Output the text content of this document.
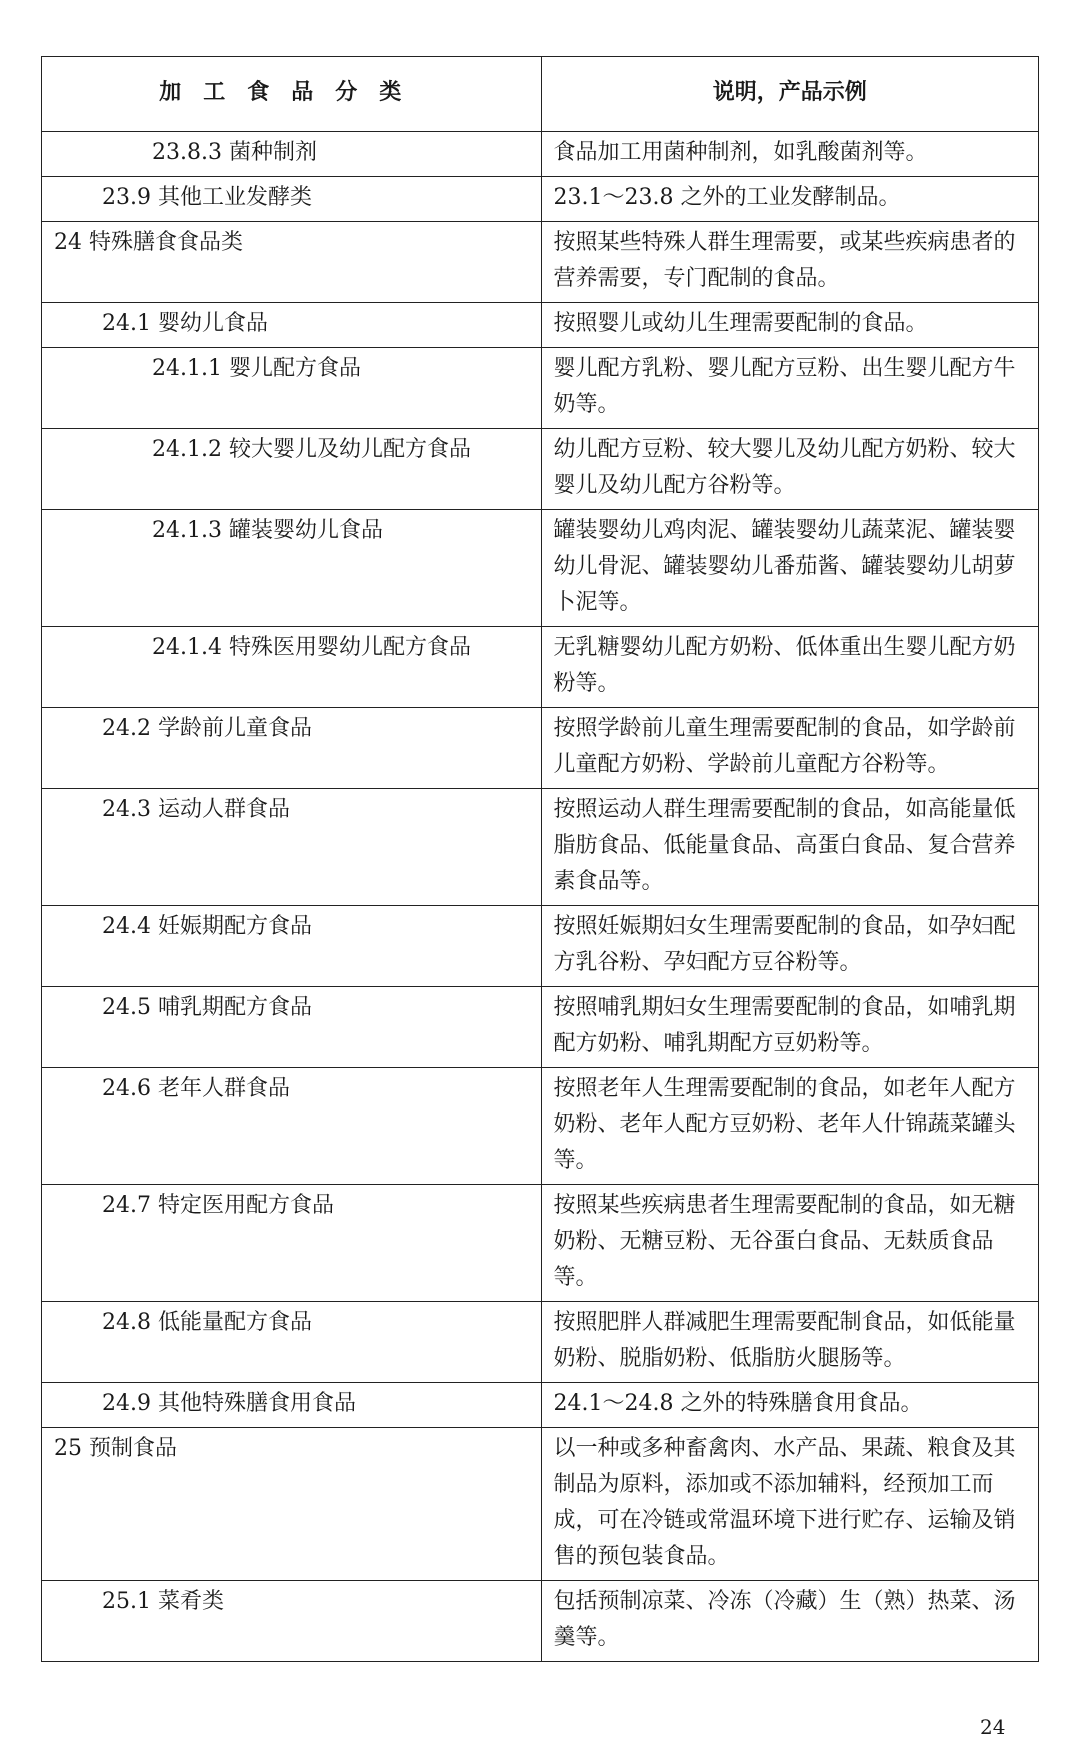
加工食品分类	说明，产品示例
23.8.3 菌种制剂	食品加工用菌种制剂，如乳酸菌剂等。
23.9 其他工业发酵类	23.1～23.8 之外的工业发酵制品。
24 特殊膳食食品类	按照某些特殊人群生理需要，或某些疾病患者的营养需要，专门配制的食品。
24.1 婴幼儿食品	按照婴儿或幼儿生理需要配制的食品。
24.1.1 婴儿配方食品	婴儿配方乳粉、婴儿配方豆粉、出生婴儿配方牛奶等。
24.1.2 较大婴儿及幼儿配方食品	幼儿配方豆粉、较大婴儿及幼儿配方奶粉、较大婴儿及幼儿配方谷粉等。
24.1.3 罐装婴幼儿食品	罐装婴幼儿鸡肉泥、罐装婴幼儿蔬菜泥、罐装婴幼儿骨泥、罐装婴幼儿番茄酱、罐装婴幼儿胡萝卜泥等。
24.1.4 特殊医用婴幼儿配方食品	无乳糖婴幼儿配方奶粉、低体重出生婴儿配方奶粉等。
24.2 学龄前儿童食品	按照学龄前儿童生理需要配制的食品，如学龄前儿童配方奶粉、学龄前儿童配方谷粉等。
24.3 运动人群食品	按照运动人群生理需要配制的食品，如高能量低脂肪食品、低能量食品、高蛋白食品、复合营养素食品等。
24.4 妊娠期配方食品	按照妊娠期妇女生理需要配制的食品，如孕妇配方乳谷粉、孕妇配方豆谷粉等。
24.5 哺乳期配方食品	按照哺乳期妇女生理需要配制的食品，如哺乳期配方奶粉、哺乳期配方豆奶粉等。
24.6 老年人群食品	按照老年人生理需要配制的食品，如老年人配方奶粉、老年人配方豆奶粉、老年人什锦蔬菜罐头等。
24.7 特定医用配方食品	按照某些疾病患者生理需要配制的食品，如无糖奶粉、无糖豆粉、无谷蛋白食品、无麸质食品等。
24.8 低能量配方食品	按照肥胖人群减肥生理需要配制食品，如低能量奶粉、脱脂奶粉、低脂肪火腿肠等。
24.9 其他特殊膳食用食品	24.1～24.8 之外的特殊膳食用食品。
25 预制食品	以一种或多种畜禽肉、水产品、果蔬、粮食及其制品为原料，添加或不添加辅料，经预加工而成，可在冷链或常温环境下进行贮存、运输及销售的预包装食品。
25.1 菜肴类	包括预制凉菜、冷冻（冷藏）生（熟）热菜、汤羹等。
24
